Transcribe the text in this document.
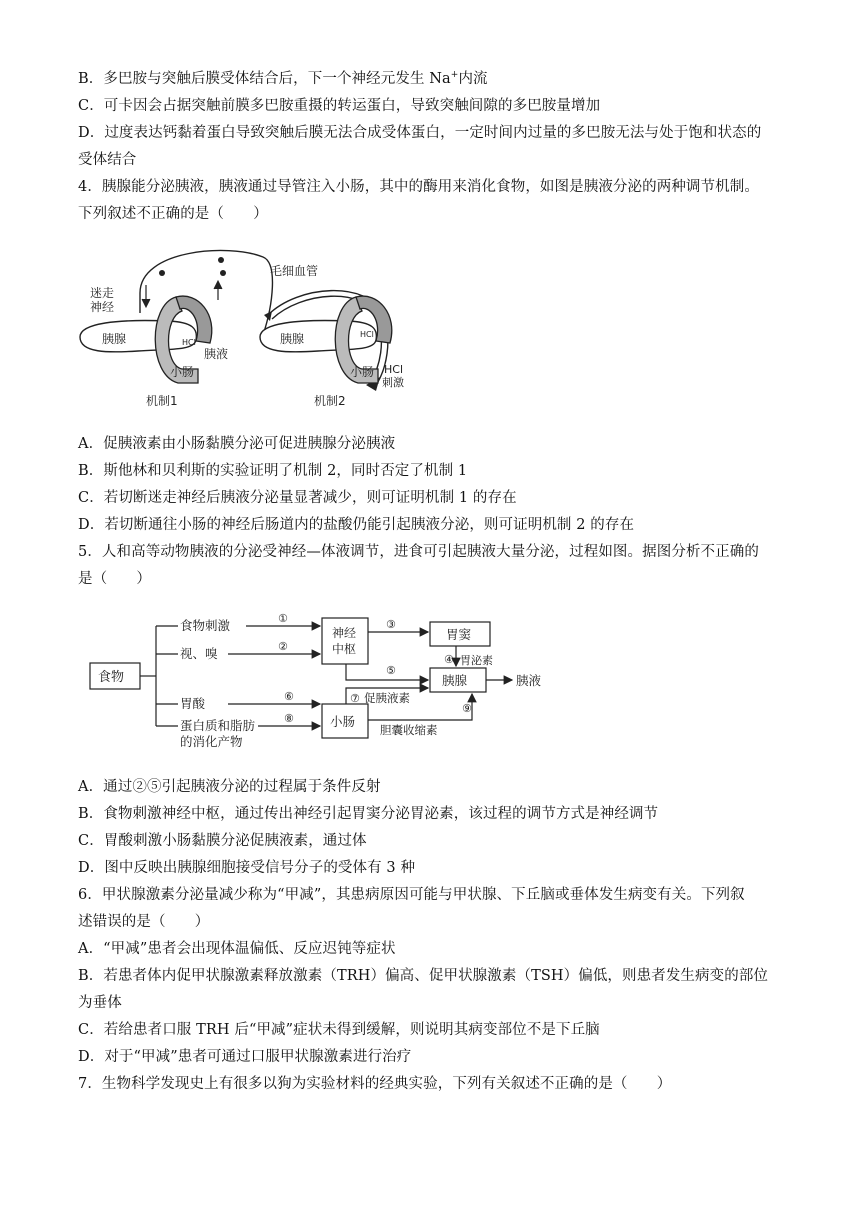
B．多巴胺与突触后膜受体结合后，下一个神经元发生 Na+内流
C．可卡因会占据突触前膜多巴胺重摄的转运蛋白，导致突触间隙的多巴胺量增加
D．过度表达钙黏着蛋白导致突触后膜无法合成受体蛋白，一定时间内过量的多巴胺无法与处于饱和状态的
受体结合
4．胰腺能分泌胰液，胰液通过导管注入小肠，其中的酶用来消化食物，如图是胰液分泌的两种调节机制。
下列叙述不正确的是（　　）
胰腺	HCl
胰液
小肠
迷走
神经
机制1
毛细血管
胰腺	HCl
小肠 HCl
刺激
机制2
A．促胰液素由小肠黏膜分泌可促进胰腺分泌胰液
B．斯他林和贝利斯的实验证明了机制 2，同时否定了机制 1
C．若切断迷走神经后胰液分泌量显著减少，则可证明机制 1 的存在
D．若切断通往小肠的神经后肠道内的盐酸仍能引起胰液分泌，则可证明机制 2 的存在
5．人和高等动物胰液的分泌受神经—体液调节，进食可引起胰液大量分泌，过程如图。据图分析不正确的
是（　　）
食物
食物刺激
视、嗅
胃酸
蛋白质和脂肪
的消化产物
神经
中枢
胃窦
胰腺
小肠
胰液
胃泌素
促胰液素
胆囊收缩素
①
②
③
④
⑤
⑥	⑦
⑧
⑨
A．通过②⑤引起胰液分泌的过程属于条件反射
B．食物刺激神经中枢，通过传出神经引起胃窦分泌胃泌素，该过程的调节方式是神经调节
C．胃酸刺激小肠黏膜分泌促胰液素，通过体
D．图中反映出胰腺细胞接受信号分子的受体有 3 种
6．甲状腺激素分泌量减少称为“甲减”，其患病原因可能与甲状腺、下丘脑或垂体发生病变有关。下列叙
述错误的是（　　）
A．“甲减”患者会出现体温偏低、反应迟钝等症状
B．若患者体内促甲状腺激素释放激素（TRH）偏高、促甲状腺激素（TSH）偏低，则患者发生病变的部位
为垂体
C．若给患者口服 TRH 后“甲减”症状未得到缓解，则说明其病变部位不是下丘脑
D．对于“甲减”患者可通过口服甲状腺激素进行治疗
7．生物科学发现史上有很多以狗为实验材料的经典实验，下列有关叙述不正确的是（　　）
